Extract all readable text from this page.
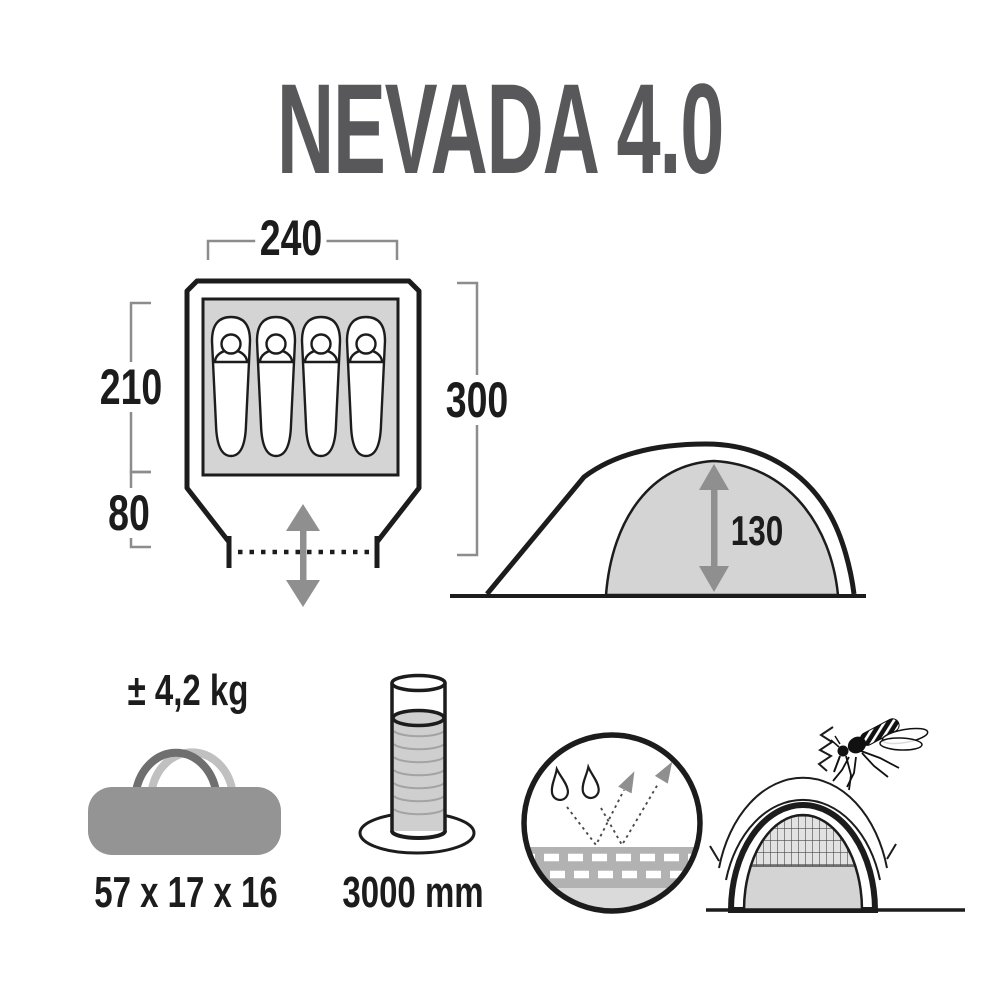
NEVADA 4.0
240
210
80
300
130
± 4,2 kg
57 x 17 x 16 3000 mm
